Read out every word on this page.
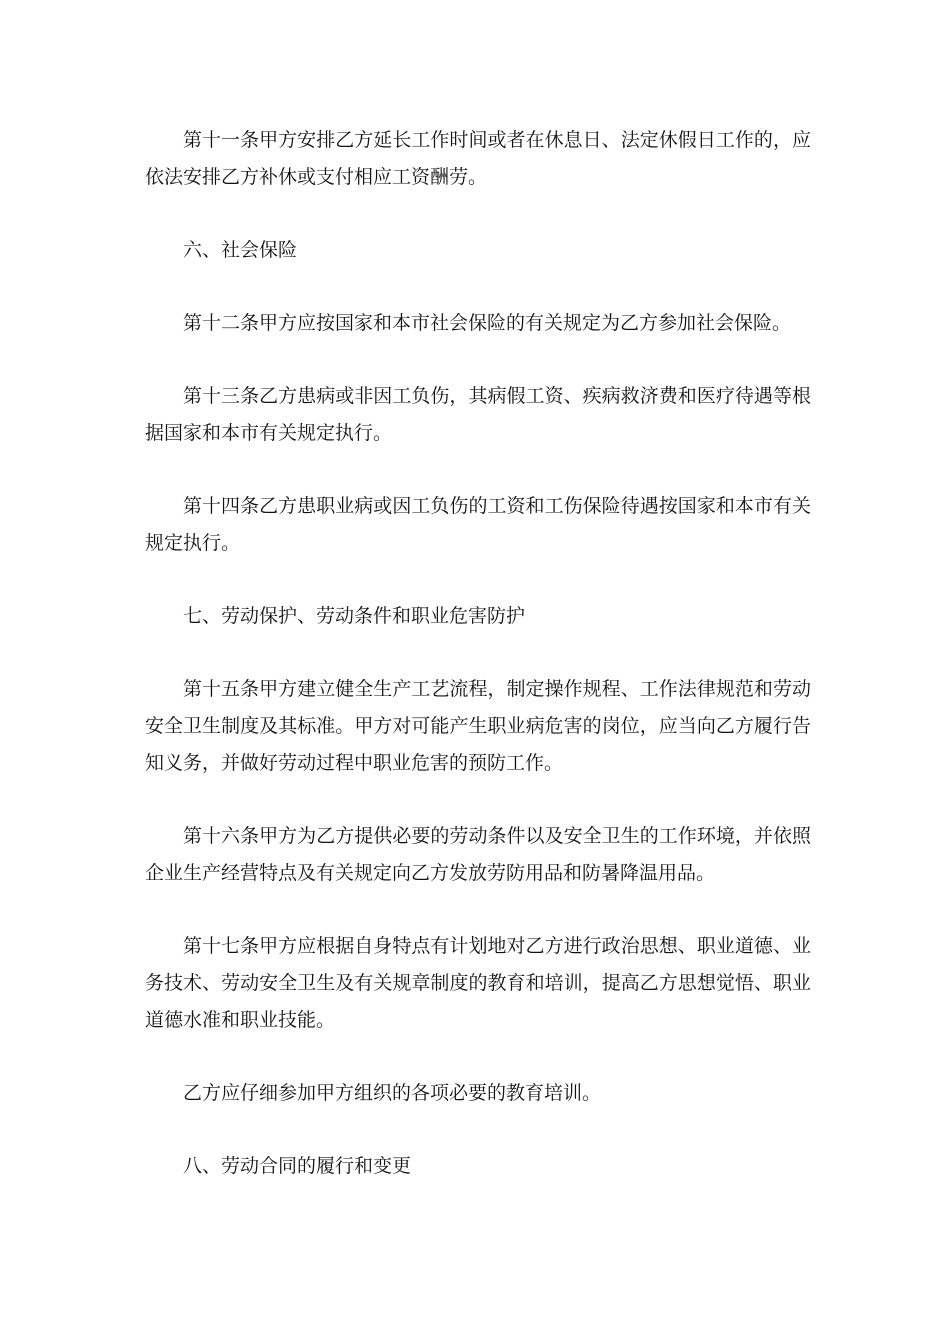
第十一条甲方安排乙方延长工作时间或者在休息日、法定休假日工作的，应依法安排乙方补休或支付相应工资酬劳。

六、社会保险

第十二条甲方应按国家和本市社会保险的有关规定为乙方参加社会保险。

第十三条乙方患病或非因工负伤，其病假工资、疾病救济费和医疗待遇等根据国家和本市有关规定执行。

第十四条乙方患职业病或因工负伤的工资和工伤保险待遇按国家和本市有关规定执行。

七、劳动保护、劳动条件和职业危害防护

第十五条甲方建立健全生产工艺流程，制定操作规程、工作法律规范和劳动安全卫生制度及其标准。甲方对可能产生职业病危害的岗位，应当向乙方履行告知义务，并做好劳动过程中职业危害的预防工作。

第十六条甲方为乙方提供必要的劳动条件以及安全卫生的工作环境，并依照企业生产经营特点及有关规定向乙方发放劳防用品和防暑降温用品。

第十七条甲方应根据自身特点有计划地对乙方进行政治思想、职业道德、业务技术、劳动安全卫生及有关规章制度的教育和培训，提高乙方思想觉悟、职业道德水准和职业技能。

乙方应仔细参加甲方组织的各项必要的教育培训。

八、劳动合同的履行和变更
